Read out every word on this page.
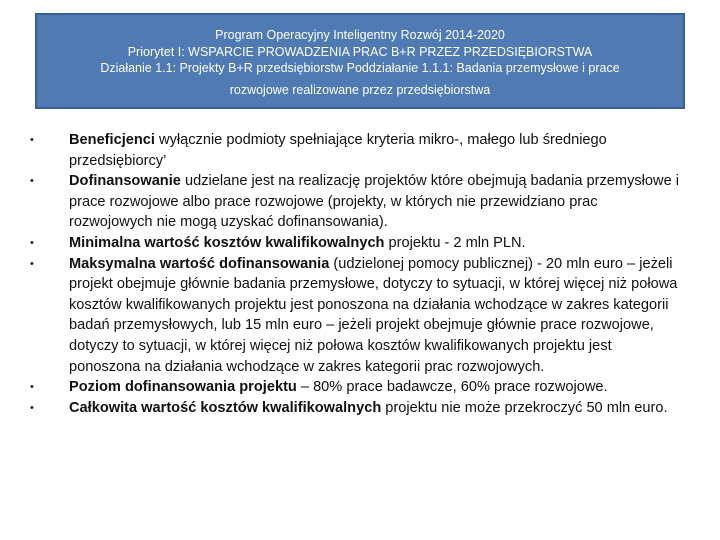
Program Operacyjny Inteligentny Rozwój 2014-2020
Priorytet I: WSPARCIE PROWADZENIA PRAC B+R PRZEZ PRZEDSIĘBIORSTWA
Działanie 1.1: Projekty B+R przedsiębiorstw Poddziałanie 1.1.1: Badania przemysłowe i prace
rozwojowe realizowane przez przedsiębiorstwa
• Beneficjenci wyłącznie podmioty spełniające kryteria mikro-, małego lub średniego przedsiębiorcy’
• Dofinansowanie udzielane jest na realizację projektów które obejmują badania przemysłowe i prace rozwojowe albo prace rozwojowe (projekty, w których nie przewidziano prac rozwojowych nie mogą uzyskać dofinansowania).
• Minimalna wartość kosztów kwalifikowalnych projektu - 2 mln PLN.
• Maksymalna wartość dofinansowania (udzielonej pomocy publicznej) - 20 mln euro – jeżeli projekt obejmuje głównie badania przemysłowe, dotyczy to sytuacji, w której więcej niż połowa kosztów kwalifikowanych projektu jest ponoszona na działania wchodzące w zakres kategorii badań przemysłowych, lub 15 mln euro – jeżeli projekt obejmuje głównie prace rozwojowe, dotyczy to sytuacji, w której więcej niż połowa kosztów kwalifikowanych projektu jest ponoszona na działania wchodzące w zakres kategorii prac rozwojowych.
• Poziom dofinansowania projektu – 80% prace badawcze, 60% prace rozwojowe.
• Całkowita wartość kosztów kwalifikowalnych projektu nie może przekroczyć 50 mln euro.
